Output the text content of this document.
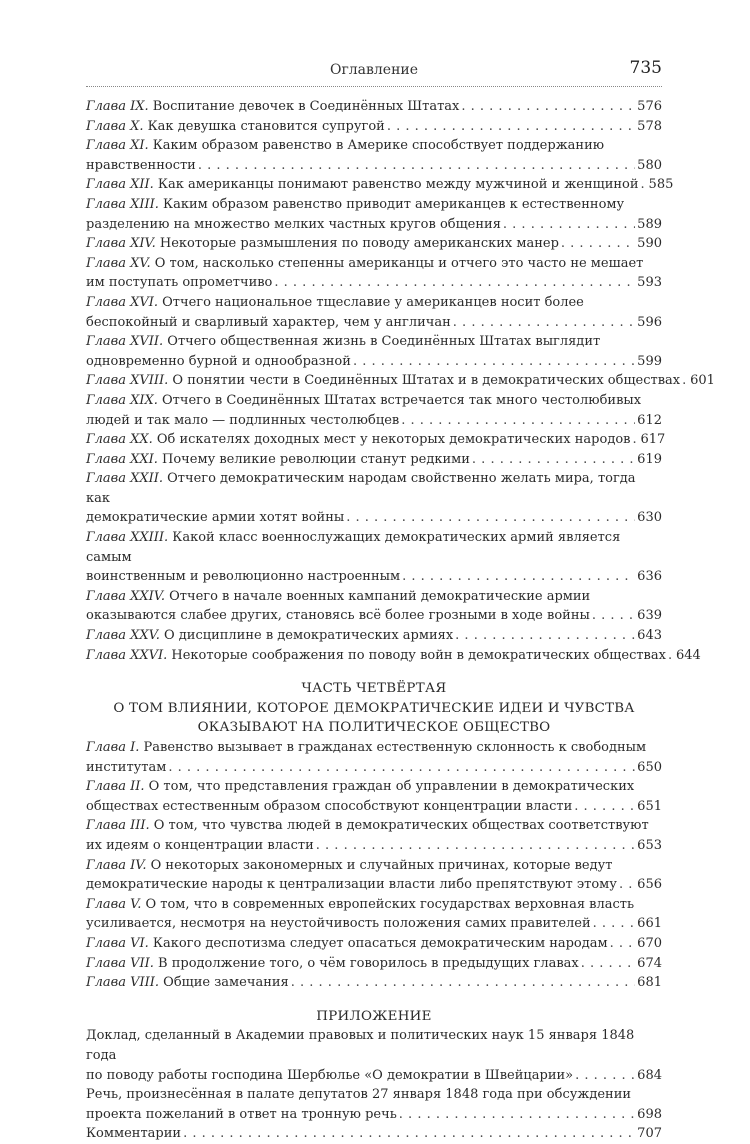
Оглавление	735
Глава IX. Воспитание девочек в Соединённых Штатах . . .	576
Глава X. Как девушка становится супругой . . .	578
Глава XI. Каким образом равенство в Америке способствует поддержанию
нравственности . . .	580
Глава XII. Как американцы понимают равенство между мужчиной и женщиной . . . 585
Глава XIII. Каким образом равенство приводит американцев к естественному
разделению на множество мелких частных кругов общения . . .	589
Глава XIV. Некоторые размышления по поводу американских манер . . .	590
Глава XV. О том, насколько степенны американцы и отчего это часто не мешает
им поступать опрометчиво . . .	593
Глава XVI. Отчего национальное тщеславие у американцев носит более
беспокойный и сварливый характер, чем у англичан . . .	596
Глава XVII. Отчего общественная жизнь в Соединённых Штатах выглядит
одновременно бурной и однообразной . . .	599
Глава XVIII. О понятии чести в Соединённых Штатах и в демократических обществах . . . 601
Глава XIX. Отчего в Соединённых Штатах встречается так много честолюбивых
людей и так мало — подлинных честолюбцев . . .	612
Глава XX. Об искателях доходных мест у некоторых демократических народов . . . 617
Глава XXI. Почему великие революции станут редкими . . .	619
Глава XXII. Отчего демократическим народам свойственно желать мира, тогда как
демократические армии хотят войны . . .	630
Глава XXIII. Какой класс военнослужащих демократических армий является самым
воинственным и революционно настроенным . . .	636
Глава XXIV. Отчего в начале военных кампаний демократические армии
оказываются слабее других, становясь всё более грозными в ходе войны . . .	639
Глава XXV. О дисциплине в демократических армиях . . .	643
Глава XXVI. Некоторые соображения по поводу войн в демократических обществах . . . 644
ЧАСТЬ ЧЕТВЁРТАЯ
О ТОМ ВЛИЯНИИ, КОТОРОЕ ДЕМОКРАТИЧЕСКИЕ ИДЕИ И ЧУВСТВА
ОКАЗЫВАЮТ НА ПОЛИТИЧЕСКОЕ ОБЩЕСТВО
Глава I. Равенство вызывает в гражданах естественную склонность к свободным
институтам . . .	650
Глава II. О том, что представления граждан об управлении в демократических
обществах естественным образом способствуют концентрации власти . . .	651
Глава III. О том, что чувства людей в демократических обществах соответствуют
их идеям о концентрации власти . . .	653
Глава IV. О некоторых закономерных и случайных причинах, которые ведут
демократические народы к централизации власти либо препятствуют этому . . . 656
Глава V. О том, что в современных европейских государствах верховная власть
усиливается, несмотря на неустойчивость положения самих правителей . . .	661
Глава VI. Какого деспотизма следует опасаться демократическим народам . . . 670
Глава VII. В продолжение того, о чём говорилось в предыдущих главах . . .	674
Глава VIII. Общие замечания . . .	681
ПРИЛОЖЕНИЕ
Доклад, сделанный в Академии правовых и политических наук 15 января 1848 года
по поводу работы господина Шербюлье «О демократии в Швейцарии» . . .	684
Речь, произнесённая в палате депутатов 27 января 1848 года при обсуждении
проекта пожеланий в ответ на тронную речь . . .	698
Комментарии . . .	707
